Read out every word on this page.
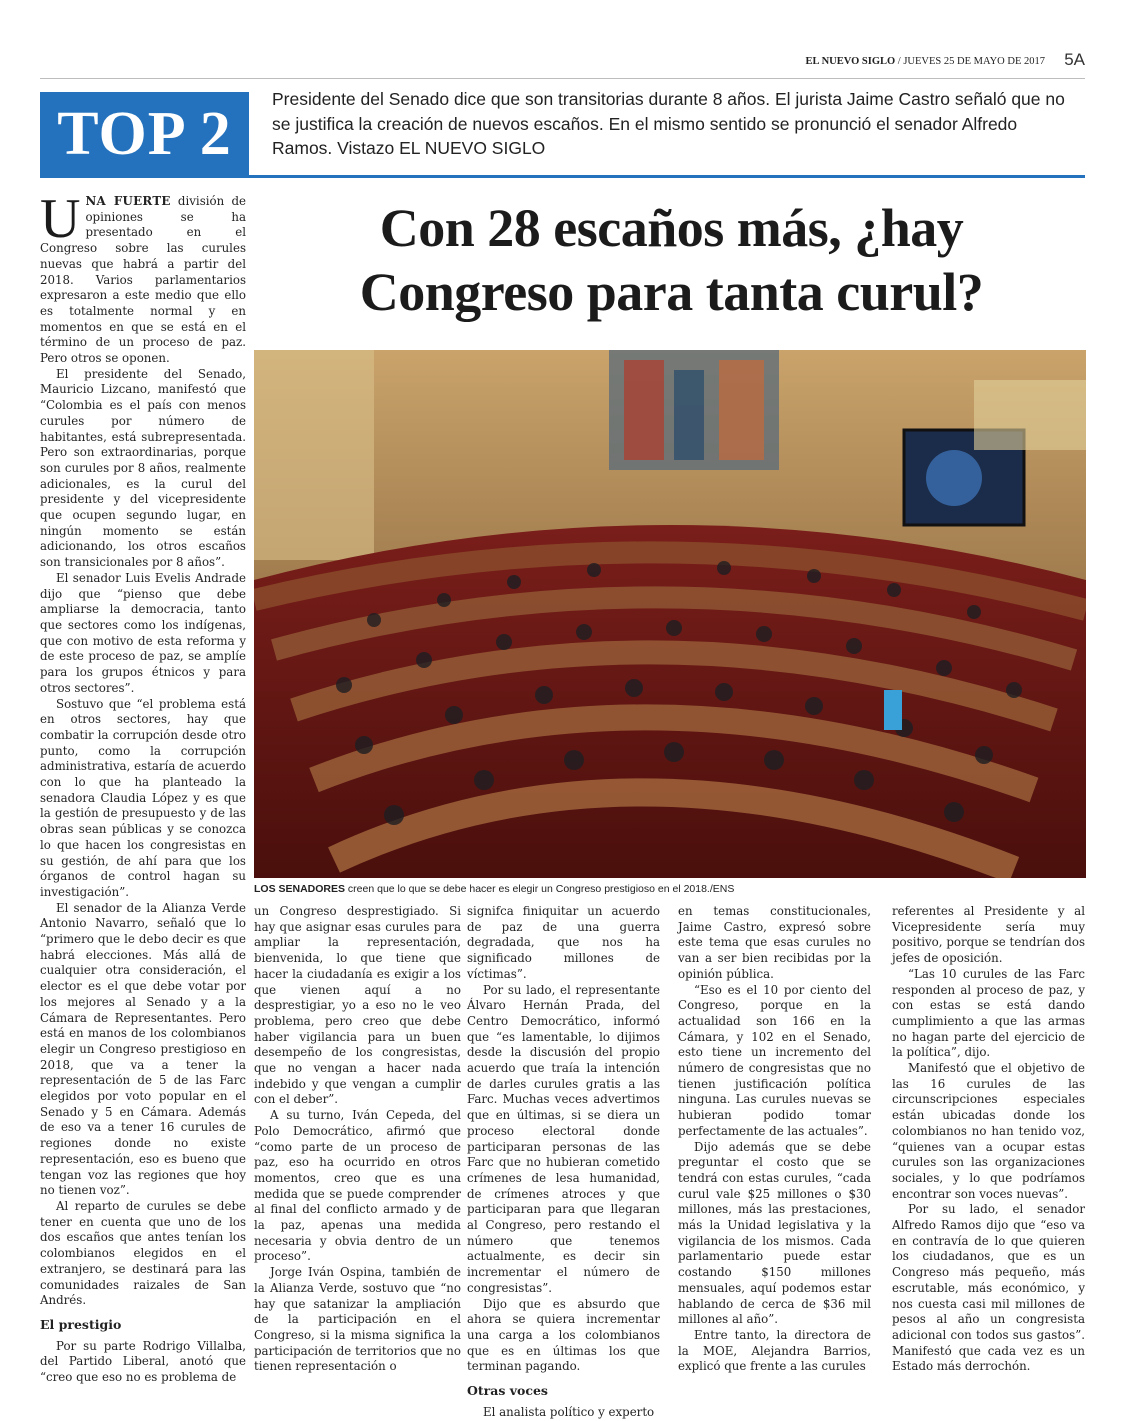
EL NUEVO SIGLO / JUEVES 25 DE MAYO DE 2017 5A
TOP 2
Presidente del Senado dice que son transitorias durante 8 años. El jurista Jaime Castro señaló que no se justifica la creación de nuevos escaños. En el mismo sentido se pronunció el senador Alfredo Ramos. Vistazo EL NUEVO SIGLO
Con 28 escaños más, ¿hay
Congreso para tanta curul?

UNA FUERTE división de opiniones se ha presentado en el Congreso sobre las curules nuevas que habrá a partir del 2018. Varios parlamentarios expresaron a este medio que ello es totalmente normal y en momentos en que se está en el término de un proceso de paz. Pero otros se oponen.

El presidente del Senado, Mauricio Lizcano, manifestó que “Colombia es el país con menos curules por número de habitantes, está subrepresentada. Pero son extraordinarias, porque son curules por 8 años, realmente adicionales, es la curul del presidente y del vicepresidente que ocupen segundo lugar, en ningún momento se están adicionando, los otros escaños son transicionales por 8 años”.

El senador Luis Evelis Andrade dijo que “pienso que debe ampliarse la democracia, tanto que sectores como los indígenas, que con motivo de esta reforma y de este proceso de paz, se amplíe para los grupos étnicos y para otros sectores”.

Sostuvo que “el problema está en otros sectores, hay que combatir la corrupción desde otro punto, como la corrupción administrativa, estaría de acuerdo con lo que ha planteado la senadora Claudia López y es que la gestión de presupuesto y de las obras sean públicas y se conozca lo que hacen los congresistas en su gestión, de ahí para que los órganos de control hagan su investigación”.

El senador de la Alianza Verde Antonio Navarro, señaló que lo “primero que le debo decir es que habrá elecciones. Más allá de cualquier otra consideración, el elector es el que debe votar por los mejores al Senado y a la Cámara de Representantes. Pero está en manos de los colombianos elegir un Congreso prestigioso en 2018, que va a tener la representación de 5 de las Farc elegidos por voto popular en el Senado y 5 en Cámara. Además de eso va a tener 16 curules de regiones donde no existe representación, eso es bueno que tengan voz las regiones que hoy no tienen voz”.

Al reparto de curules se debe tener en cuenta que uno de los dos escaños que antes tenían los colombianos elegidos en el extranjero, se destinará para las comunidades raizales de San Andrés.

El prestigio

Por su parte Rodrigo Villalba, del Partido Liberal, anotó que “creo que eso no es problema de

LOS SENADORES creen que lo que se debe hacer es elegir un Congreso prestigioso en el 2018./ENS

un Congreso desprestigiado. Si hay que asignar esas curules para ampliar la representación, bienvenida, lo que tiene que hacer la ciudadanía es exigir a los que vienen aquí a no desprestigiar, yo a eso no le veo problema, pero creo que debe haber vigilancia para un buen desempeño de los congresistas, que no vengan a hacer nada indebido y que vengan a cumplir con el deber”.

A su turno, Iván Cepeda, del Polo Democrático, afirmó que “como parte de un proceso de paz, eso ha ocurrido en otros momentos, creo que es una medida que se puede comprender al final del conflicto armado y de la paz, apenas una medida necesaria y obvia dentro de un proceso”.

Jorge Iván Ospina, también de la Alianza Verde, sostuvo que “no hay que satanizar la ampliación de la participación en el Congreso, si la misma significa la participación de territorios que no tienen representación o

signifca finiquitar un acuerdo de paz de una guerra degradada, que nos ha significado millones de víctimas”.

Por su lado, el representante Álvaro Hernán Prada, del Centro Democrático, informó que “es lamentable, lo dijimos desde la discusión del propio acuerdo que traía la intención de darles curules gratis a las Farc. Muchas veces advertimos que en últimas, si se diera un proceso electoral donde participaran personas de las Farc que no hubieran cometido crímenes de lesa humanidad, de crímenes atroces y que participaran para que llegaran al Congreso, pero restando el número que tenemos actualmente, es decir sin incrementar el número de congresistas”.

Dijo que es absurdo que ahora se quiera incrementar una carga a los colombianos que es en últimas los que terminan pagando.

Otras voces

El analista político y experto

en temas constitucionales, Jaime Castro, expresó sobre este tema que esas curules no van a ser bien recibidas por la opinión pública.

“Eso es el 10 por ciento del Congreso, porque en la actualidad son 166 en la Cámara, y 102 en el Senado, esto tiene un incremento del número de congresistas que no tienen justificación política ninguna. Las curules nuevas se hubieran podido tomar perfectamente de las actuales”.

Dijo además que se debe preguntar el costo que se tendrá con estas curules, “cada curul vale $25 millones o $30 millones, más las prestaciones, más la Unidad legislativa y la vigilancia de los mismos. Cada parlamentario puede estar costando $150 millones mensuales, aquí podemos estar hablando de cerca de $36 mil millones al año”.

Entre tanto, la directora de la MOE, Alejandra Barrios, explicó que frente a las curules

referentes al Presidente y al Vicepresidente sería muy positivo, porque se tendrían dos jefes de oposición.

“Las 10 curules de las Farc responden al proceso de paz, y con estas se está dando cumplimiento a que las armas no hagan parte del ejercicio de la política”, dijo.

Manifestó que el objetivo de las 16 curules de las circunscripciones especiales están ubicadas donde los colombianos no han tenido voz, “quienes van a ocupar estas curules son las organizaciones sociales, y lo que podríamos encontrar son voces nuevas”.

Por su lado, el senador Alfredo Ramos dijo que “eso va en contravía de lo que quieren los ciudadanos, que es un Congreso más pequeño, más escrutable, más económico, y nos cuesta casi mil millones de pesos al año un congresista adicional con todos sus gastos”. Manifestó que cada vez es un Estado más derrochón.
